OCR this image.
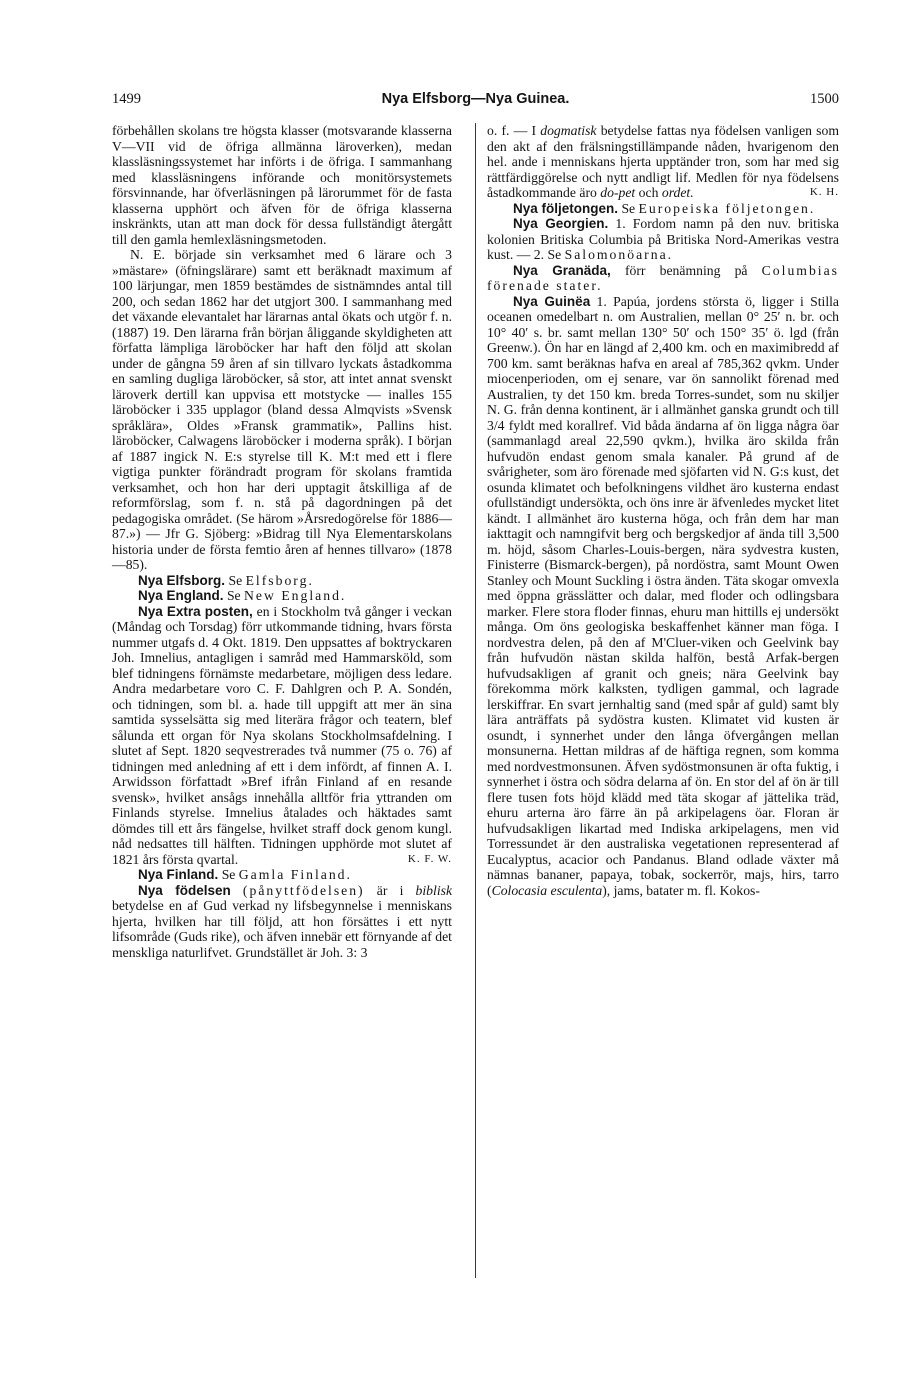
1499	Nya Elfsborg—Nya Guinea.	1500

förbehållen skolans tre högsta klasser (motsvarande klasserna V—VII vid de öfriga allmänna läroverken), medan klassläsningssystemet har införts i de öfriga. I sammanhang med klassläsningens införande och monitörsystemets försvinnande, har öfverläsningen på lärorummet för de fasta klasserna upphört och äfven för de öfriga klasserna inskränkts, utan att man dock för dessa fullständigt återgått till den gamla hemlexläsningsmetoden.

N. E. började sin verksamhet med 6 lärare och 3 »mästare» (öfningslärare) samt ett beräknadt maximum af 100 lärjungar, men 1859 bestämdes de sistnämndes antal till 200, och sedan 1862 har det utgjort 300. I sammanhang med det växande elevantalet har lärarnas antal ökats och utgör f. n. (1887) 19. Den lärarna från början åliggande skyldigheten att författa lämpliga läroböcker har haft den följd att skolan under de gångna 59 åren af sin tillvaro lyckats åstadkomma en samling dugliga läroböcker, så stor, att intet annat svenskt läroverk dertill kan uppvisa ett motstycke — inalles 155 läroböcker i 335 upplagor (bland dessa Almqvists »Svensk språklära», Oldes »Fransk grammatik», Pallins hist. läroböcker, Calwagens läroböcker i moderna språk). I början af 1887 ingick N. E:s styrelse till K. M:t med ett i flere vigtiga punkter förändradt program för skolans framtida verksamhet, och hon har deri upptagit åtskilliga af de reformförslag, som f. n. stå på dagordningen på det pedagogiska området. (Se härom »Årsredogörelse för 1886—87.») — Jfr G. Sjöberg: »Bidrag till Nya Elementarskolans historia under de första femtio åren af hennes tillvaro» (1878—85).

Nya Elfsborg. Se Elfsborg.

Nya England. Se New England.

Nya Extra posten, en i Stockholm två gånger i veckan (Måndag och Torsdag) förr utkommande tidning, hvars första nummer utgafs d. 4 Okt. 1819. Den uppsattes af boktryckaren Joh. Imnelius, antagligen i samråd med Hammarsköld, som blef tidningens förnämste medarbetare, möjligen dess ledare. Andra medarbetare voro C. F. Dahlgren och P. A. Sondén, och tidningen, som bl. a. hade till uppgift att mer än sina samtida sysselsätta sig med literära frågor och teatern, blef sålunda ett organ för Nya skolans Stockholmsafdelning. I slutet af Sept. 1820 seqvestrerades två nummer (75 o. 76) af tidningen med anledning af ett i dem infördt, af finnen A. I. Arwidsson författadt »Bref ifrån Finland af en resande svensk», hvilket ansågs innehålla alltför fria yttranden om Finlands styrelse. Imnelius åtalades och häktades samt dömdes till ett års fängelse, hvilket straff dock genom kungl. nåd nedsattes till hälften. Tidningen upphörde mot slutet af 1821 års första qvartal.	K. F. W.

Nya Finland. Se Gamla Finland.

Nya födelsen (pånyttfödelsen) är i biblisk betydelse en af Gud verkad ny lifsbegynnelse i menniskans hjerta, hvilken har till följd, att hon försättes i ett nytt lifsområde (Guds rike), och äfven innebär ett förnyande af det menskliga naturlifvet. Grundstället är Joh. 3: 3

o. f. — I dogmatisk betydelse fattas nya födelsen vanligen som den akt af den frälsningstillämpande nåden, hvarigenom den hel. ande i menniskans hjerta upptänder tron, som har med sig rättfärdiggörelse och nytt andligt lif. Medlen för nya födelsens åstadkommande äro do-pet och ordet.	K. H.

Nya följetongen. Se Europeiska följetongen.

Nya Georgien. 1. Fordom namn på den nuv. britiska kolonien Britiska Columbia på Britiska Nord-Amerikas vestra kust. — 2. Se Salomonöarna.

Nya Granäda, förr benämning på Columbias förenade stater.

Nya Guinëa 1. Papúa, jordens största ö, ligger i Stilla oceanen omedelbart n. om Australien, mellan 0° 25′ n. br. och 10° 40′ s. br. samt mellan 130° 50′ och 150° 35′ ö. lgd (från Greenw.). Ön har en längd af 2,400 km. och en maximibredd af 700 km. samt beräknas hafva en areal af 785,362 qvkm. Under miocenperioden, om ej senare, var ön sannolikt förenad med Australien, ty det 150 km. breda Torres-sundet, som nu skiljer N. G. från denna kontinent, är i allmänhet ganska grundt och till 3/4 fyldt med korallref. Vid båda ändarna af ön ligga några öar (sammanlagd areal 22,590 qvkm.), hvilka äro skilda från hufvudön endast genom smala kanaler. På grund af de svårigheter, som äro förenade med sjöfarten vid N. G:s kust, det osunda klimatet och befolkningens vildhet äro kusterna endast ofullständigt undersökta, och öns inre är äfvenledes mycket litet kändt. I allmänhet äro kusterna höga, och från dem har man iakttagit och namngifvit berg och bergskedjor af ända till 3,500 m. höjd, såsom Charles-Louis-bergen, nära sydvestra kusten, Finisterre (Bismarck-bergen), på nordöstra, samt Mount Owen Stanley och Mount Suckling i östra änden. Täta skogar omvexla med öppna grässlätter och dalar, med floder och odlingsbara marker. Flere stora floder finnas, ehuru man hittills ej undersökt många. Om öns geologiska beskaffenhet känner man föga. I nordvestra delen, på den af M'Cluer-viken och Geelvink bay från hufvudön nästan skilda halfön, bestå Arfak-bergen hufvudsakligen af granit och gneis; nära Geelvink bay förekomma mörk kalksten, tydligen gammal, och lagrade lerskiffrar. En svart jernhaltig sand (med spår af guld) samt bly lära anträffats på sydöstra kusten. Klimatet vid kusten är osundt, i synnerhet under den långa öfvergången mellan monsunerna. Hettan mildras af de häftiga regnen, som komma med nordvestmonsunen. Äfven sydöstmonsunen är ofta fuktig, i synnerhet i östra och södra delarna af ön. En stor del af ön är till flere tusen fots höjd klädd med täta skogar af jättelika träd, ehuru arterna äro färre än på arkipelagens öar. Floran är hufvudsakligen likartad med Indiska arkipelagens, men vid Torressundet är den australiska vegetationen representerad af Eucalyptus, acacior och Pandanus. Bland odlade växter må nämnas bananer, papaya, tobak, sockerrör, majs, hirs, tarro (Colocasia esculenta), jams, batater m. fl. Kokos-
